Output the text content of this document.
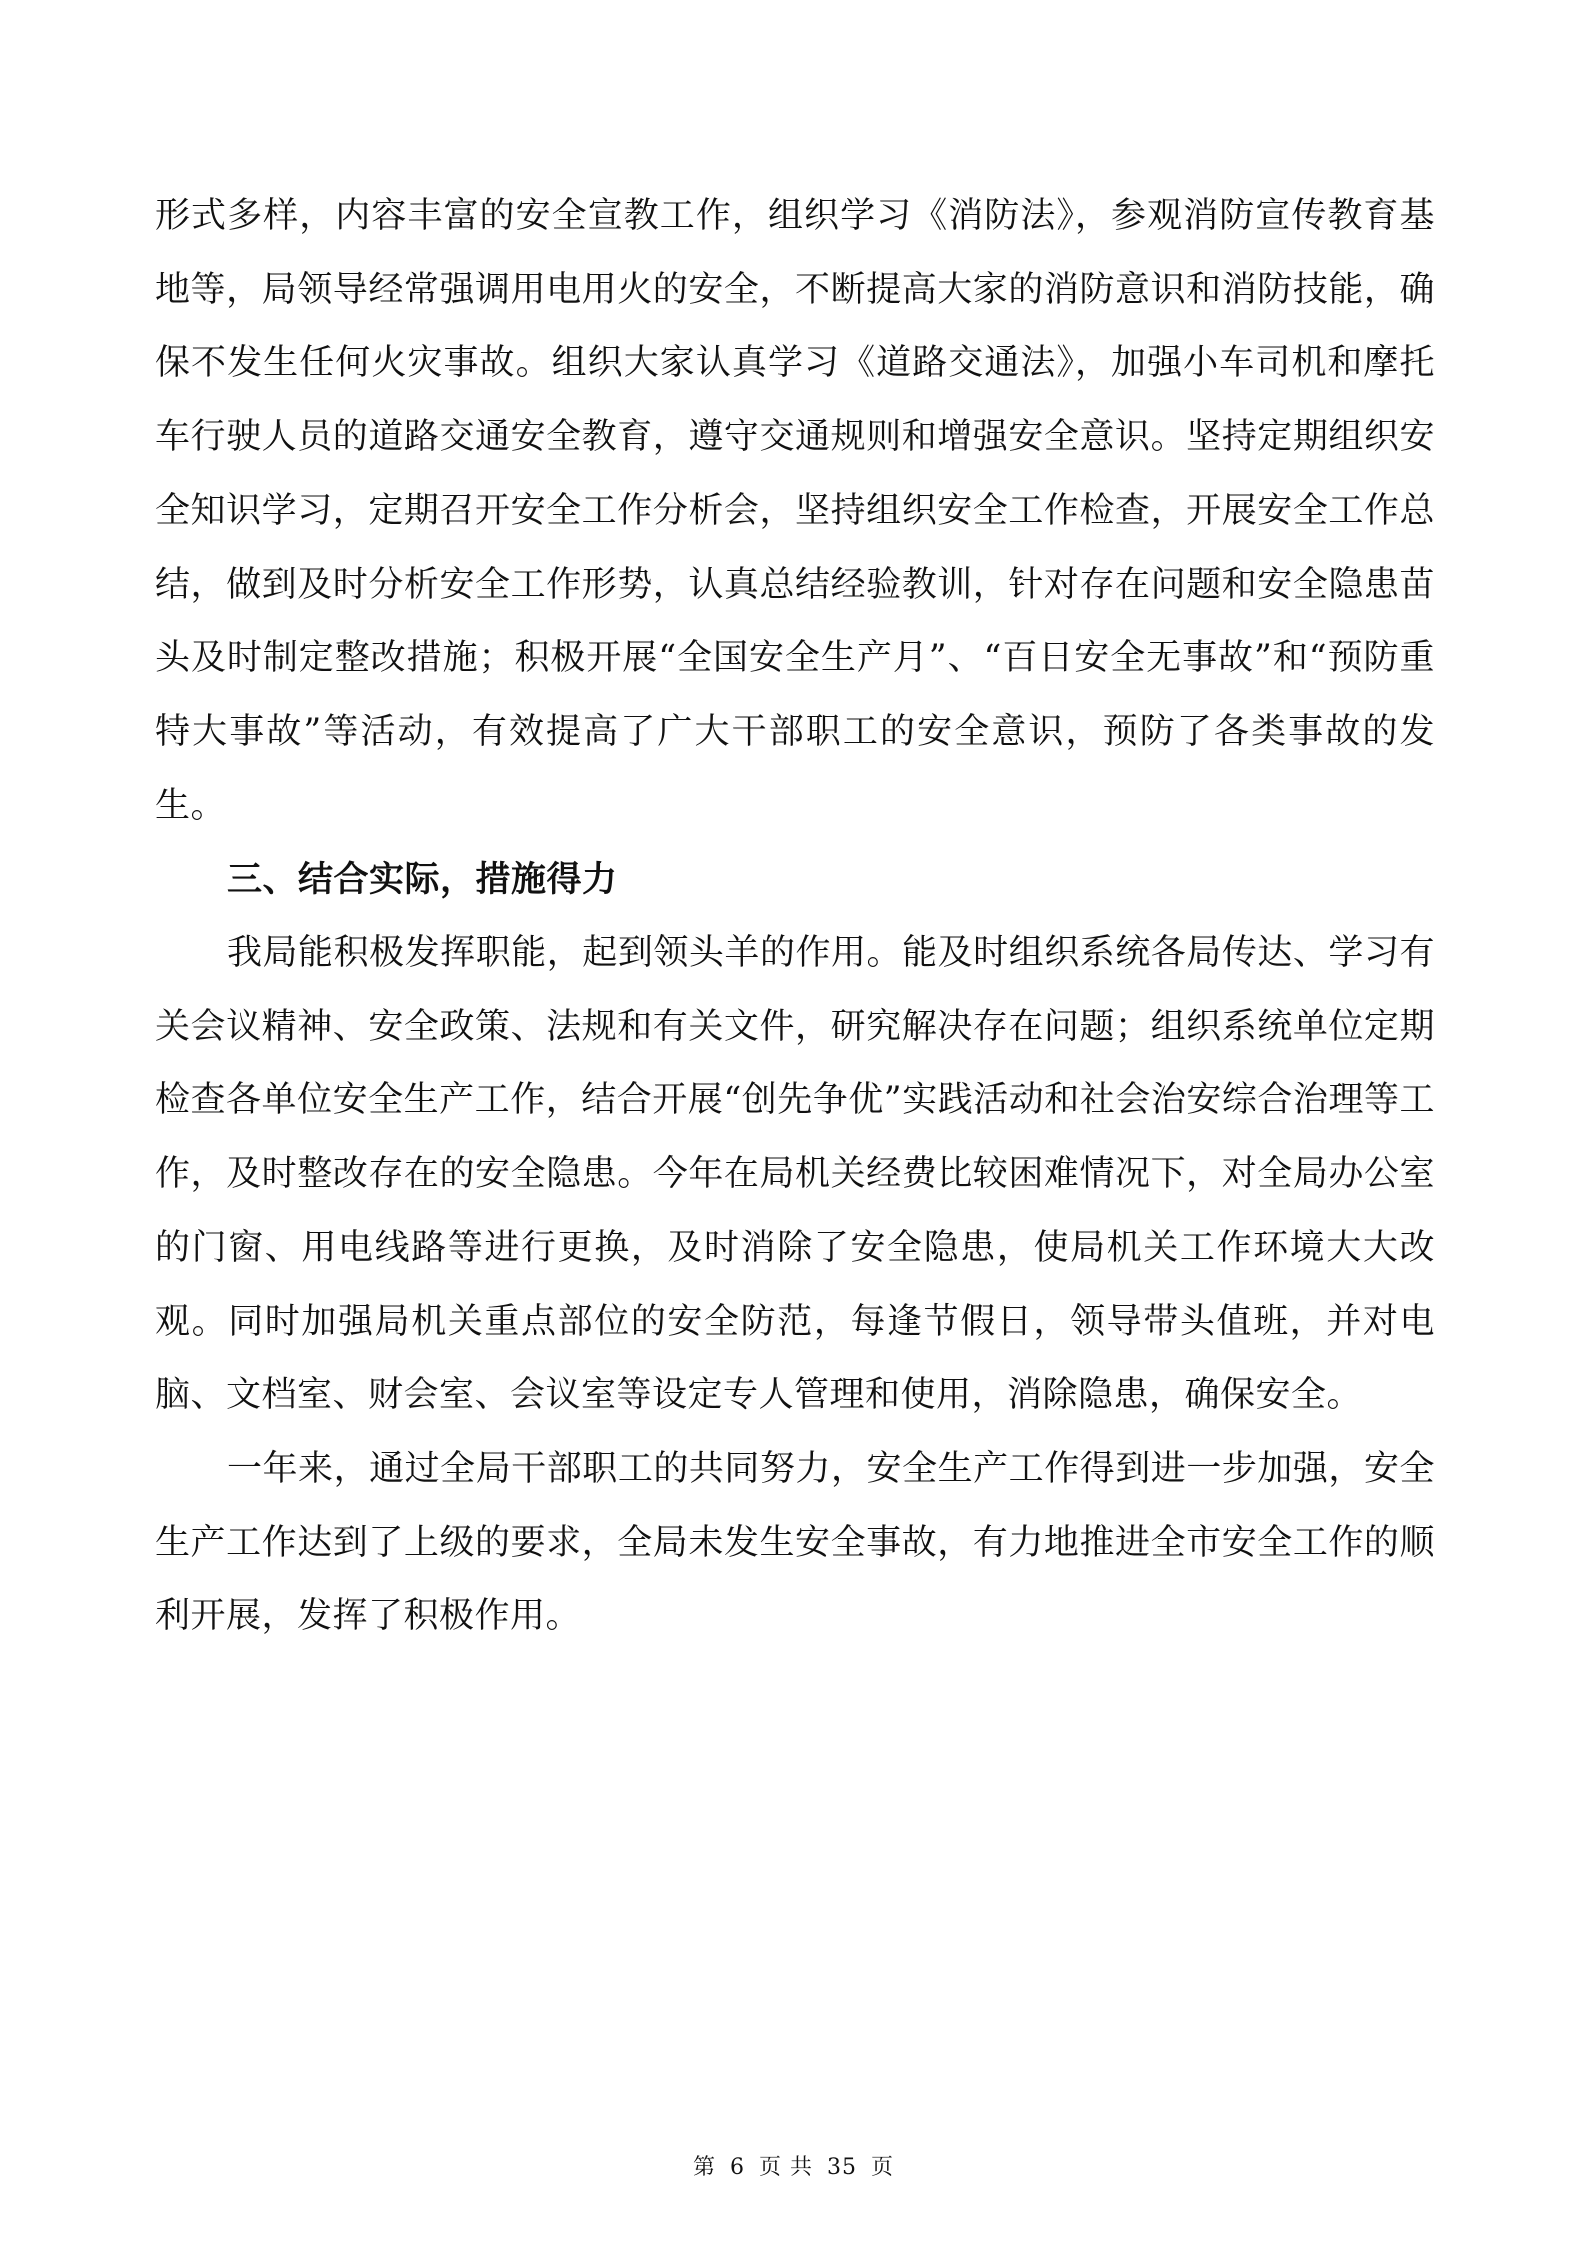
形式多样，内容丰富的安全宣教工作，组织学习《消防法》，参观消防宣传教育基地等，局领导经常强调用电用火的安全，不断提高大家的消防意识和消防技能，确保不发生任何火灾事故。组织大家认真学习《道路交通法》，加强小车司机和摩托车行驶人员的道路交通安全教育，遵守交通规则和增强安全意识。坚持定期组织安全知识学习，定期召开安全工作分析会，坚持组织安全工作检查，开展安全工作总结，做到及时分析安全工作形势，认真总结经验教训，针对存在问题和安全隐患苗头及时制定整改措施；积极开展“全国安全生产月”、“百日安全无事故”和“预防重特大事故”等活动，有效提高了广大干部职工的安全意识，预防了各类事故的发生。

三、结合实际，措施得力

我局能积极发挥职能，起到领头羊的作用。能及时组织系统各局传达、学习有关会议精神、安全政策、法规和有关文件，研究解决存在问题；组织系统单位定期检查各单位安全生产工作，结合开展“创先争优”实践活动和社会治安综合治理等工作，及时整改存在的安全隐患。今年在局机关经费比较困难情况下，对全局办公室的门窗、用电线路等进行更换，及时消除了安全隐患，使局机关工作环境大大改观。同时加强局机关重点部位的安全防范，每逢节假日，领导带头值班，并对电脑、文档室、财会室、会议室等设定专人管理和使用，消除隐患，确保安全。

一年来，通过全局干部职工的共同努力，安全生产工作得到进一步加强，安全生产工作达到了上级的要求，全局未发生安全事故，有力地推进全市安全工作的顺利开展，发挥了积极作用。

第 6 页 共 35 页
